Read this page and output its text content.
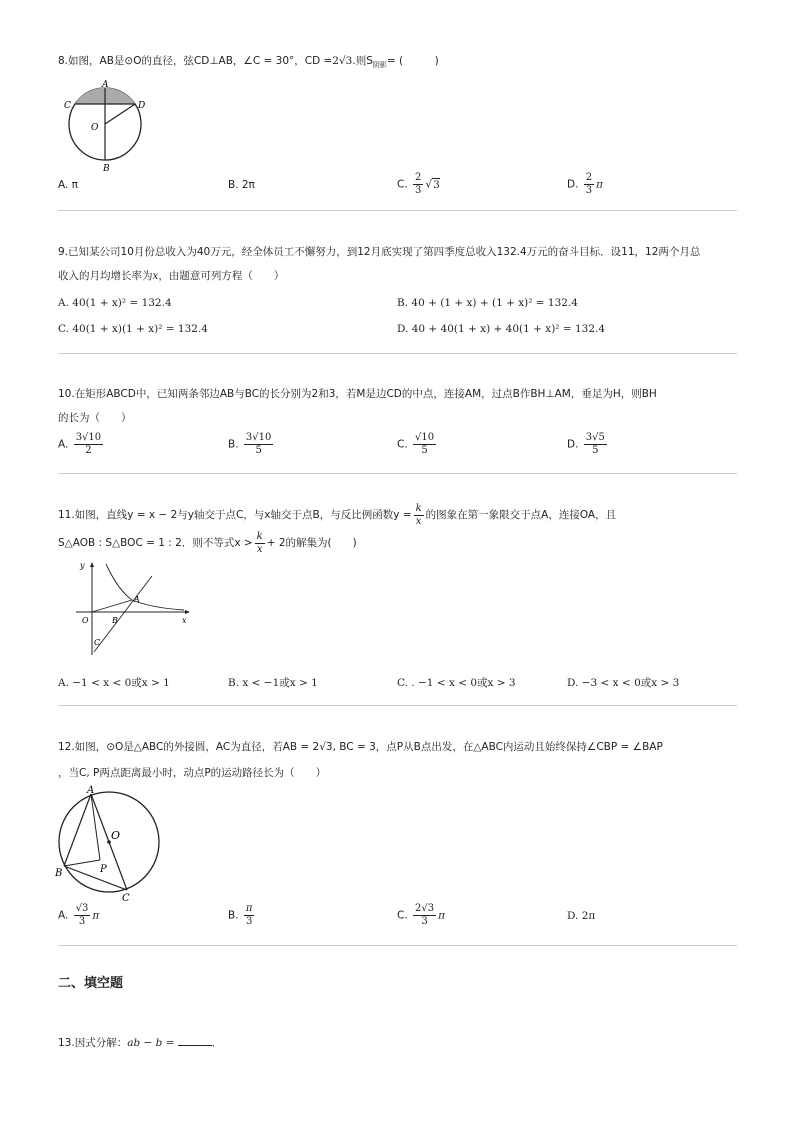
8.如图，AB是⊙O的直径，弦CD⊥AB，∠C = 30°，CD =2√3.则$S_{阴影}=$ (　　　)
A
C	D
O
B
A. π	B. 2π	C. $\frac{2}{3} √3$	D. $\frac{2}{3}$ π
9.已知某公司10月份总收入为40万元，经全体员工不懈努力，到12月底实现了第四季度总收入132.4万元的奋斗目标．设11，12两个月总
收入的月均增长率为x，由题意可列方程（　　）
A. 40(1 + x)² = 132.4	B. 40 + (1 + x) + (1 + x)² = 132.4
C. 40(1 + x)(1 + x)² = 132.4	D. 40 + 40(1 + x) + 40(1 + x)² = 132.4
10.在矩形ABCD中，已知两条邻边AB与BC的长分别为2和3，若M是边CD的中点，连接AM，过点B作BH⊥AM，垂足为H，则BH
的长为（　　）
A. $\frac{3√10}{2}$	B. $\frac{3√10}{5}$	C. $\frac{√10}{5}$	D. $\frac{3√5}{5}$
11.如图，直线y = x − 2与y轴交于点C，与x轴交于点B，与反比例函数$y = \frac{k}{x}$ 的图象在第一象限交于点A，连接OA，且
S△AOB : S△BOC = 1 : 2．则不等式$x > \frac{k}{x} + 2$的解集为(　　)
y
x
O
A
B
C
A. −1 < x < 0或x > 1	B. x < −1或x > 1	C. . −1 < x < 0或x > 3	D. −3 < x < 0或x > 3
12.如图，⊙O是△ABC的外接圆，AC为直径，若AB = 2√3, BC = 3，点P从B点出发，在△ABC内运动且始终保持∠CBP = ∠BAP
，当C, P两点距离最小时，动点P的运动路径长为（　　）
A
B
C
O
P
A. $\frac{√3}{3}$ π	B. $\frac{\pi}{3}$	C. $\frac{2√3}{3}$ π	D. 2π
二、填空题
13.因式分解：ab − b =	．
